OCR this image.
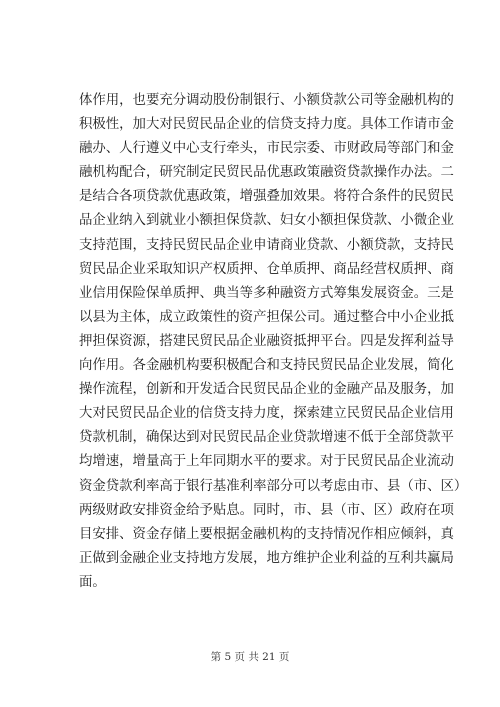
体作用，也要充分调动股份制银行、小额贷款公司等金融机构的
积极性，加大对民贸民品企业的信贷支持力度。具体工作请市金
融办、人行遵义中心支行牵头，市民宗委、市财政局等部门和金
融机构配合，研究制定民贸民品优惠政策融资贷款操作办法。二
是结合各项贷款优惠政策，增强叠加效果。将符合条件的民贸民
品企业纳入到就业小额担保贷款、妇女小额担保贷款、小微企业
支持范围，支持民贸民品企业申请商业贷款、小额贷款，支持民
贸民品企业采取知识产权质押、仓单质押、商品经营权质押、商
业信用保险保单质押、典当等多种融资方式筹集发展资金。三是
以县为主体，成立政策性的资产担保公司。通过整合中小企业抵
押担保资源，搭建民贸民品企业融资抵押平台。四是发挥利益导
向作用。各金融机构要积极配合和支持民贸民品企业发展，简化
操作流程，创新和开发适合民贸民品企业的金融产品及服务，加
大对民贸民品企业的信贷支持力度，探索建立民贸民品企业信用
贷款机制，确保达到对民贸民品企业贷款增速不低于全部贷款平
均增速，增量高于上年同期水平的要求。对于民贸民品企业流动
资金贷款利率高于银行基准利率部分可以考虑由市、县（市、区）
两级财政安排资金给予贴息。同时，市、县（市、区）政府在项
目安排、资金存储上要根据金融机构的支持情况作相应倾斜，真
正做到金融企业支持地方发展，地方维护企业利益的互利共赢局
面。
第 5 页 共 21 页
